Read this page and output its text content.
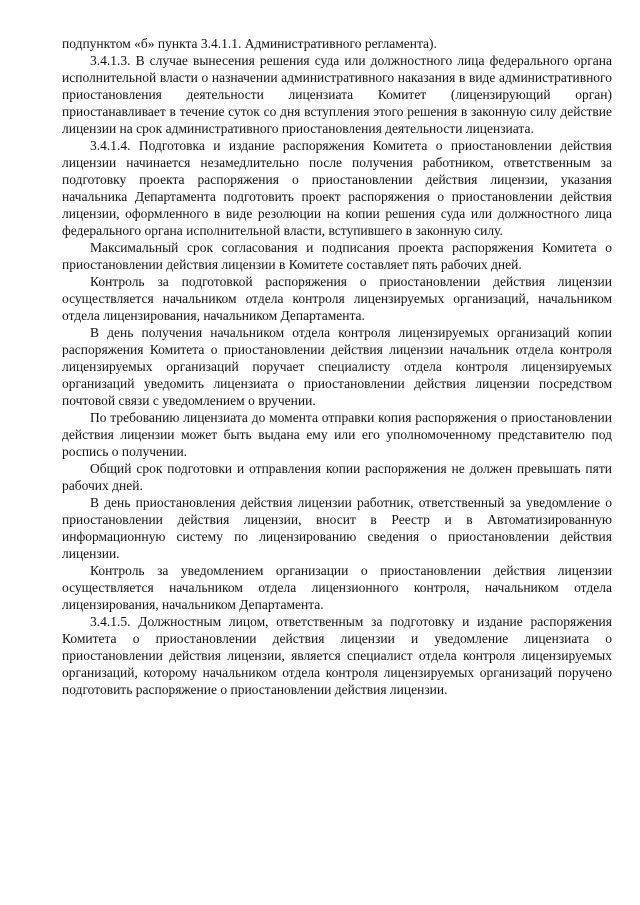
подпунктом «б» пункта 3.4.1.1. Административного регламента).

3.4.1.3. В случае вынесения решения суда или должностного лица федерального органа исполнительной власти о назначении административного наказания в виде административного приостановления деятельности лицензиата Комитет (лицензирующий орган) приостанавливает в течение суток со дня вступления этого решения в законную силу действие лицензии на срок административного приостановления деятельности лицензиата.

3.4.1.4. Подготовка и издание распоряжения Комитета о приостановлении действия лицензии начинается незамедлительно после получения работником, ответственным за подготовку проекта распоряжения о приостановлении действия лицензии, указания начальника Департамента подготовить проект распоряжения о приостановлении действия лицензии, оформленного в виде резолюции на копии решения суда или должностного лица федерального органа исполнительной власти, вступившего в законную силу.

Максимальный срок согласования и подписания проекта распоряжения Комитета о приостановлении действия лицензии в Комитете составляет пять рабочих дней.

Контроль за подготовкой распоряжения о приостановлении действия лицензии осуществляется начальником отдела контроля лицензируемых организаций, начальником отдела лицензирования, начальником Департамента.

В день получения начальником отдела контроля лицензируемых организаций копии распоряжения Комитета о приостановлении действия лицензии начальник отдела контроля лицензируемых организаций поручает специалисту отдела контроля лицензируемых организаций уведомить лицензиата о приостановлении действия лицензии посредством почтовой связи с уведомлением о вручении.

По требованию лицензиата до момента отправки копия распоряжения о приостановлении действия лицензии может быть выдана ему или его уполномоченному представителю под роспись о получении.

Общий срок подготовки и отправления копии распоряжения не должен превышать пяти рабочих дней.

В день приостановления действия лицензии работник, ответственный за уведомление о приостановлении действия лицензии, вносит в Реестр и в Автоматизированную информационную систему по лицензированию сведения о приостановлении действия лицензии.

Контроль за уведомлением организации о приостановлении действия лицензии осуществляется начальником отдела лицензионного контроля, начальником отдела лицензирования, начальником Департамента.

3.4.1.5. Должностным лицом, ответственным за подготовку и издание распоряжения Комитета о приостановлении действия лицензии и уведомление лицензиата о приостановлении действия лицензии, является специалист отдела контроля лицензируемых организаций, которому начальником отдела контроля лицензируемых организаций поручено подготовить распоряжение о приостановлении действия лицензии.
